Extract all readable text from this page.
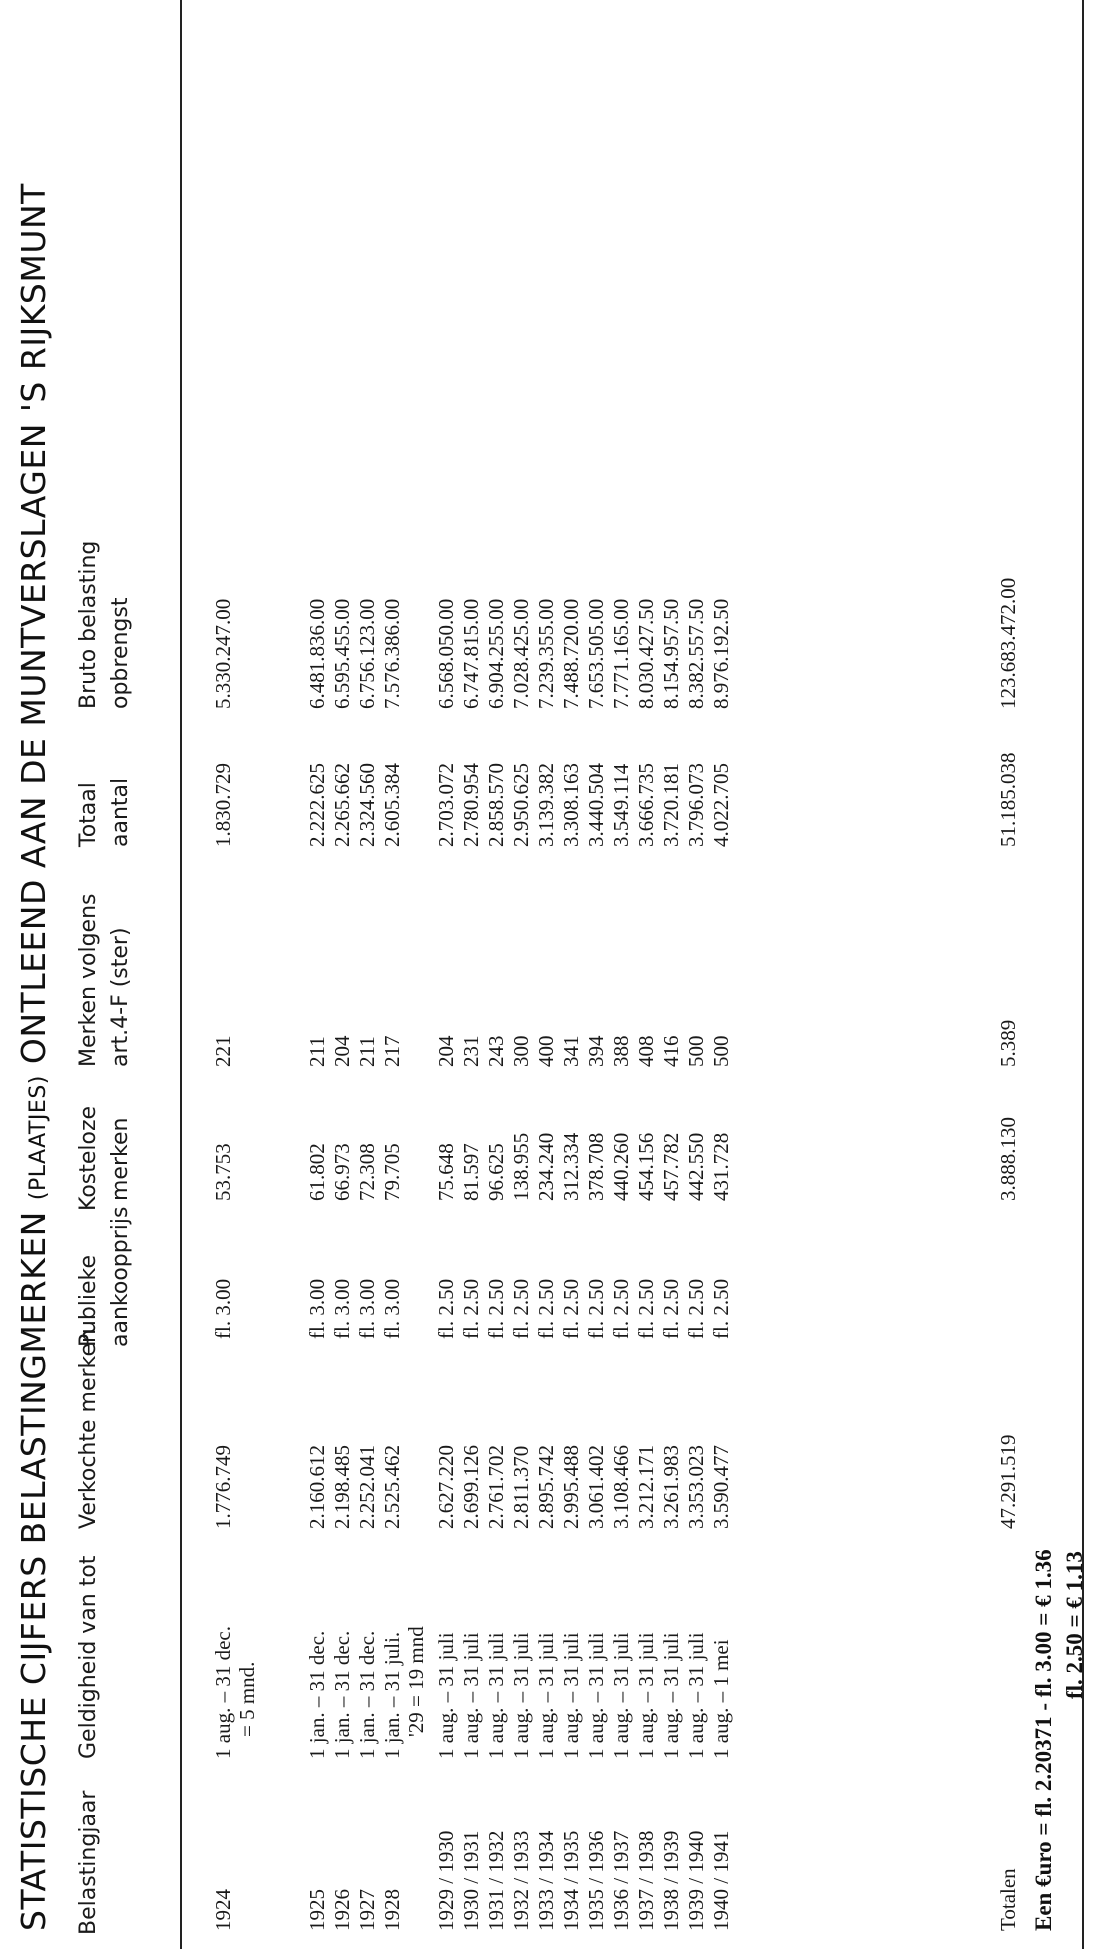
STATISTISCHE CIJFERS BELASTINGMERKEN (PLAATJES) ONTLEEND AAN DE MUNTVERSLAGEN 'S RIJKSMUNT
Belastingjaar
Geldigheid van tot
Verkochte merken
Publieke aankoopprijs
Kosteloze merken
Merken volgens art.4-F (ster)
Totaal aantal
Bruto belasting opbrengst
1924
1 aug. – 31 dec.
1.776.749
fl. 3.00
53.753
221
1.830.729
5.330.247.00
= 5 mnd.
1925
1 jan. – 31 dec.
2.160.612
fl. 3.00
61.802
211
2.222.625
6.481.836.00
1926
1 jan. – 31 dec.
2.198.485
fl. 3.00
66.973
204
2.265.662
6.595.455.00
1927
1 jan. – 31 dec.
2.252.041
fl. 3.00
72.308
211
2.324.560
6.756.123.00
1928
1 jan. – 31 juli.
2.525.462
fl. 3.00
79.705
217
2.605.384
7.576.386.00
'29 = 19 mnd
1929 / 1930
1 aug. – 31 juli
2.627.220
fl. 2.50
75.648
204
2.703.072
6.568.050.00
1930 / 1931
1 aug. – 31 juli
2.699.126
fl. 2.50
81.597
231
2.780.954
6.747.815.00
1931 / 1932
1 aug. – 31 juli
2.761.702
fl. 2.50
96.625
243
2.858.570
6.904.255.00
1932 / 1933
1 aug. – 31 juli
2.811.370
fl. 2.50
138.955
300
2.950.625
7.028.425.00
1933 / 1934
1 aug. – 31 juli
2.895.742
fl. 2.50
234.240
400
3.139.382
7.239.355.00
1934 / 1935
1 aug. – 31 juli
2.995.488
fl. 2.50
312.334
341
3.308.163
7.488.720.00
1935 / 1936
1 aug. – 31 juli
3.061.402
fl. 2.50
378.708
394
3.440.504
7.653.505.00
1936 / 1937
1 aug. – 31 juli
3.108.466
fl. 2.50
440.260
388
3.549.114
7.771.165.00
1937 / 1938
1 aug. – 31 juli
3.212.171
fl. 2.50
454.156
408
3.666.735
8.030.427.50
1938 / 1939
1 aug. – 31 juli
3.261.983
fl. 2.50
457.782
416
3.720.181
8.154.957.50
1939 / 1940
1 aug. – 31 juli
3.353.023
fl. 2.50
442.550
500
3.796.073
8.382.557.50
1940 / 1941
1 aug. – 1 mei
3.590.477
fl. 2.50
431.728
500
4.022.705
8.976.192.50
Totalen
47.291.519
3.888.130
5.389
51.185.038
123.683.472.00
Een €uro = fl. 2.20371 - fl. 3.00 = € 1.36 fl. 2.50 = € 1.13
